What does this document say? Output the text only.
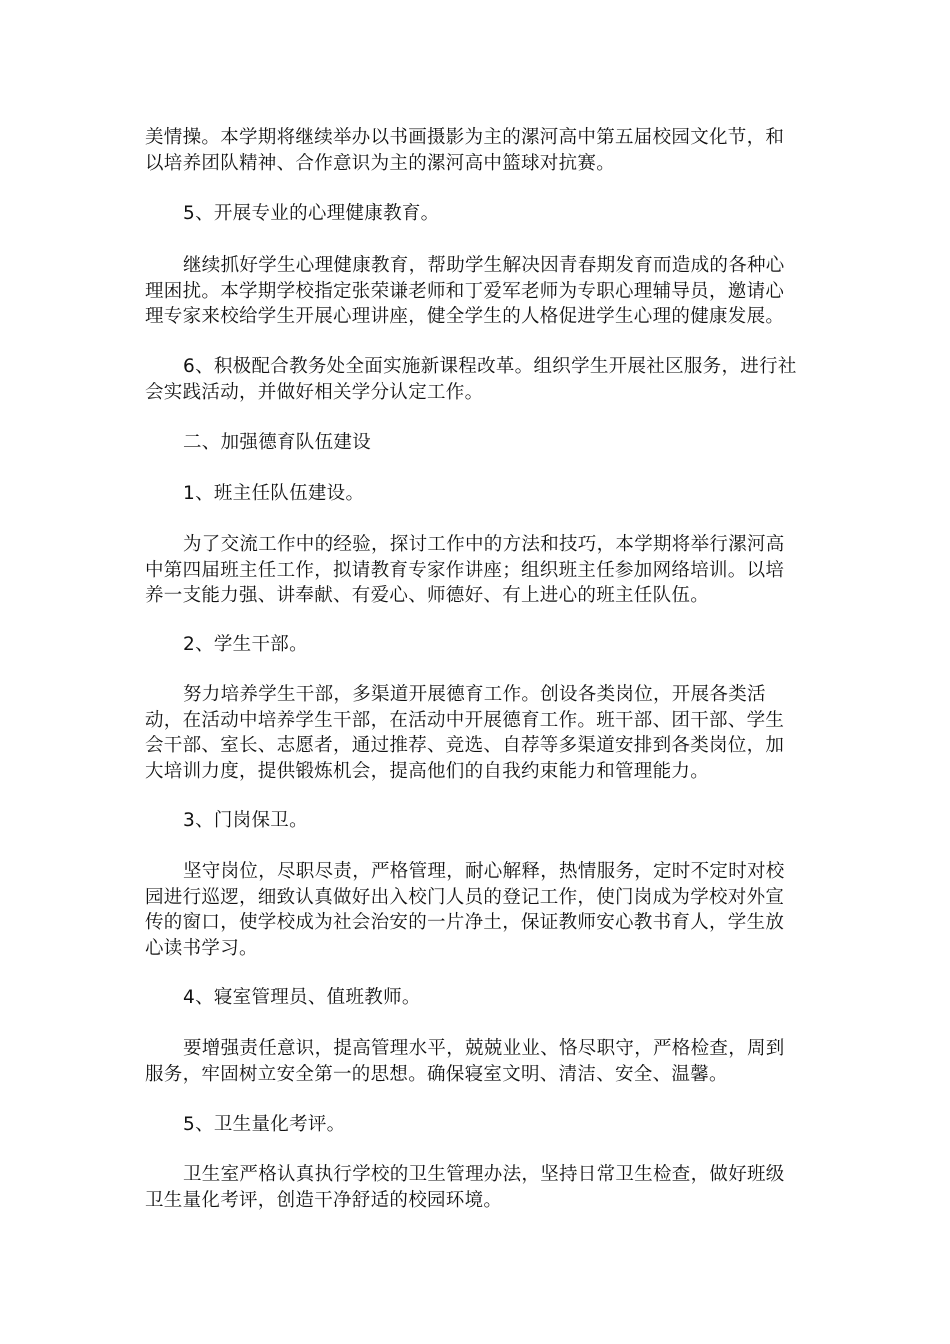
美情操。本学期将继续举办以书画摄影为主的漯河高中第五届校园文化节，和
以培养团队精神、合作意识为主的漯河高中篮球对抗赛。
5、开展专业的心理健康教育。
继续抓好学生心理健康教育，帮助学生解决因青春期发育而造成的各种心
理困扰。本学期学校指定张荣谦老师和丁爱军老师为专职心理辅导员，邀请心
理专家来校给学生开展心理讲座，健全学生的人格促进学生心理的健康发展。
6、积极配合教务处全面实施新课程改革。组织学生开展社区服务，进行社
会实践活动，并做好相关学分认定工作。
二、加强德育队伍建设
1、班主任队伍建设。
为了交流工作中的经验，探讨工作中的方法和技巧，本学期将举行漯河高
中第四届班主任工作，拟请教育专家作讲座；组织班主任参加网络培训。以培
养一支能力强、讲奉献、有爱心、师德好、有上进心的班主任队伍。
2、学生干部。
努力培养学生干部，多渠道开展德育工作。创设各类岗位，开展各类活
动，在活动中培养学生干部，在活动中开展德育工作。班干部、团干部、学生
会干部、室长、志愿者，通过推荐、竞选、自荐等多渠道安排到各类岗位，加
大培训力度，提供锻炼机会，提高他们的自我约束能力和管理能力。
3、门岗保卫。
坚守岗位，尽职尽责，严格管理，耐心解释，热情服务，定时不定时对校
园进行巡逻，细致认真做好出入校门人员的登记工作，使门岗成为学校对外宣
传的窗口，使学校成为社会治安的一片净土，保证教师安心教书育人，学生放
心读书学习。
4、寝室管理员、值班教师。
要增强责任意识，提高管理水平，兢兢业业、恪尽职守，严格检查，周到
服务，牢固树立安全第一的思想。确保寝室文明、清洁、安全、温馨。
5、卫生量化考评。
卫生室严格认真执行学校的卫生管理办法，坚持日常卫生检查，做好班级
卫生量化考评，创造干净舒适的校园环境。
